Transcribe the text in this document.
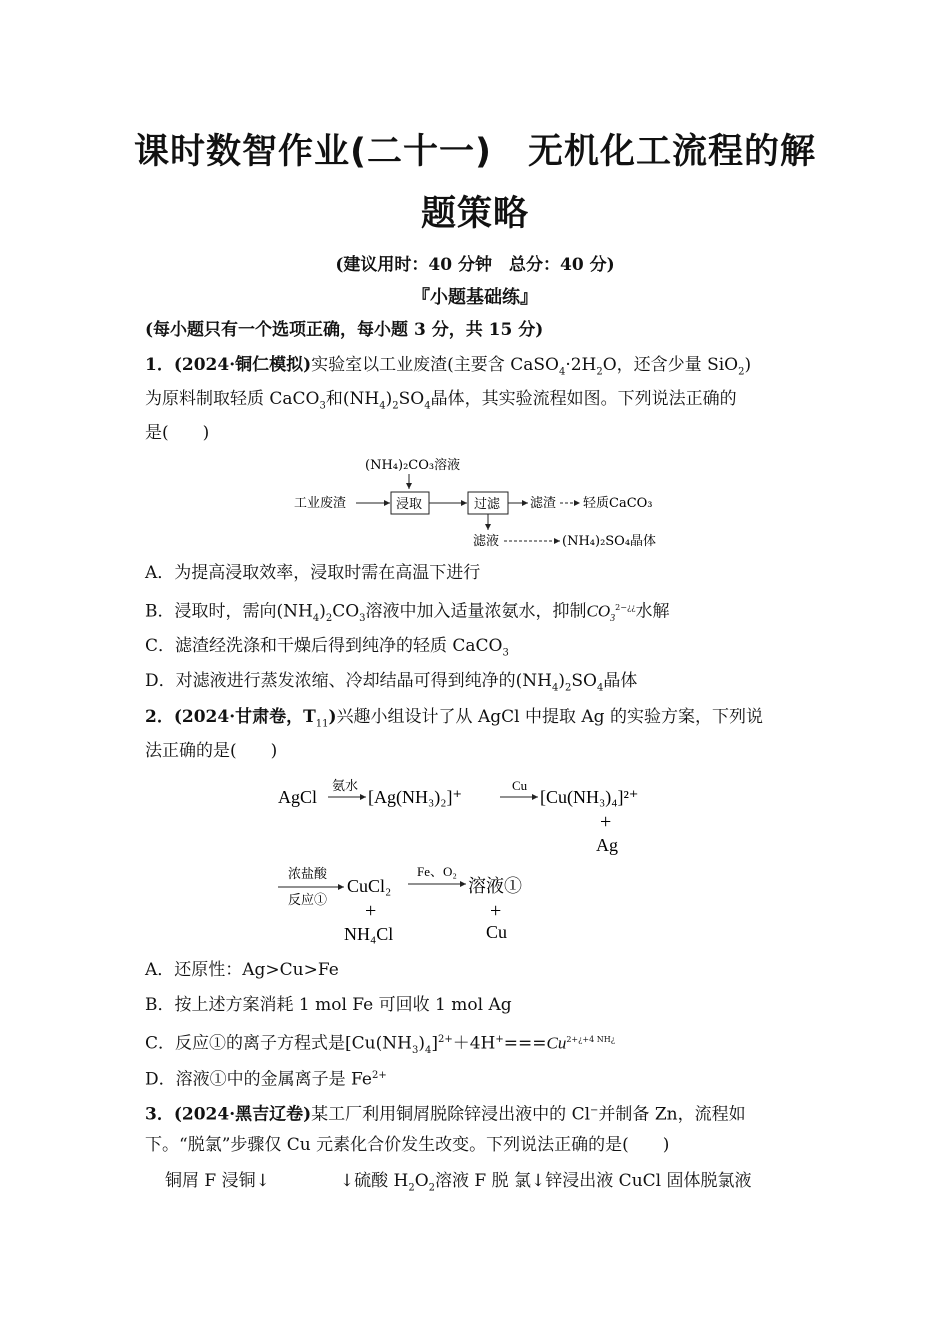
课时数智作业(二十一)　无机化工流程的解
题策略
(建议用时：40 分钟　总分：40 分)
『小题基础练』
(每小题只有一个选项正确，每小题 3 分，共 15 分)
1．(2024·铜仁模拟)实验室以工业废渣(主要含 $CaSO_4\cdot 2H_2O$，还含少量 SiO$_2$)
为原料制取轻质 CaCO$_3$和$(NH_4)_2SO_4$晶体，其实验流程如图。下列说法正确的
是(　　)
(NH₄)₂CO₃溶液
工业废渣	浸取	过滤 滤渣 轻质CaCO₃
滤液	(NH₄)₂SO₄晶体
A．为提高浸取效率，浸取时需在高温下进行
B．浸取时，需向$(NH_4)_2CO_3$溶液中加入适量浓氨水，抑制$CO_3^{2-¿¿}$水解
C．滤渣经洗涤和干燥后得到纯净的轻质 CaCO$_3$
D．对滤液进行蒸发浓缩、冷却结晶可得到纯净的$(NH_4)_2SO_4$晶体
2．(2024·甘肃卷，$T_{11}$)兴趣小组设计了从 AgCl 中提取 Ag 的实验方案，下列说
法正确的是(　　)
AgCl
氨水
[Ag(NH₃)₂]⁺
Cu
[Cu(NH₃)₄]²⁺
+
Ag
浓盐酸
反应①
CuCl₂
+
NH₄Cl
Fe、O₂
溶液①
+
Cu
A．还原性：Ag>Cu>Fe
B．按上述方案消耗 1 mol Fe 可回收 1 mol Ag
C．反应①的离子方程式是$[Cu(NH_3)_4]^{2+}+4H^+===Cu^{2+¿+4 NH¿}$
D．溶液①中的金属离子是 $Fe^{2+}$
3．(2024·黑吉辽卷)某工厂利用铜屑脱除锌浸出液中的 Cl−并制备 Zn，流程如
下。“脱氯”步骤仅 Cu 元素化合价发生改变。下列说法正确的是(　　)
铜屑 F 浸铜↓	↓硫酸 $H_2O_2$溶液 F 脱 氯↓锌浸出液 CuCl 固体脱氯液
